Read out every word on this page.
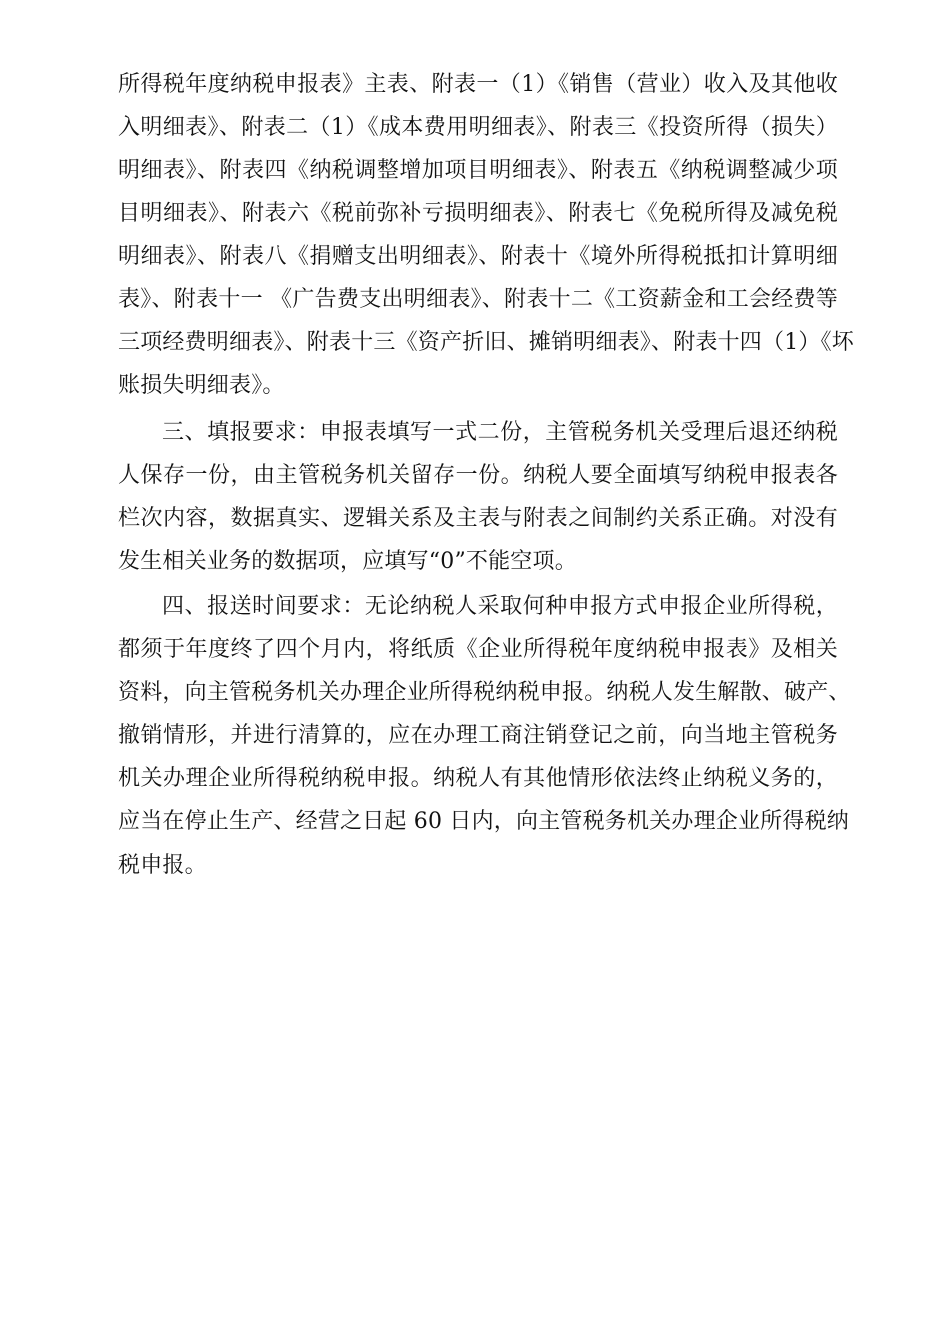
所得税年度纳税申报表》主表、附表一（1）《销售（营业）收入及其他收
入明细表》、附表二（1）《成本费用明细表》、附表三《投资所得（损失）
明细表》、附表四《纳税调整增加项目明细表》、附表五《纳税调整减少项
目明细表》、附表六《税前弥补亏损明细表》、附表七《免税所得及减免税
明细表》、附表八《捐赠支出明细表》、附表十《境外所得税抵扣计算明细
表》、附表十一 《广告费支出明细表》、附表十二《工资薪金和工会经费等
三项经费明细表》、附表十三《资产折旧、摊销明细表》、附表十四（1）《坏
账损失明细表》。
三、填报要求：申报表填写一式二份，主管税务机关受理后退还纳税
人保存一份，由主管税务机关留存一份。纳税人要全面填写纳税申报表各
栏次内容，数据真实、逻辑关系及主表与附表之间制约关系正确。对没有
发生相关业务的数据项，应填写“0”不能空项。
四、报送时间要求：无论纳税人采取何种申报方式申报企业所得税，
都须于年度终了四个月内，将纸质《企业所得税年度纳税申报表》及相关
资料，向主管税务机关办理企业所得税纳税申报。纳税人发生解散、破产、
撤销情形，并进行清算的，应在办理工商注销登记之前，向当地主管税务
机关办理企业所得税纳税申报。纳税人有其他情形依法终止纳税义务的，
应当在停止生产、经营之日起 60 日内，向主管税务机关办理企业所得税纳
税申报。
